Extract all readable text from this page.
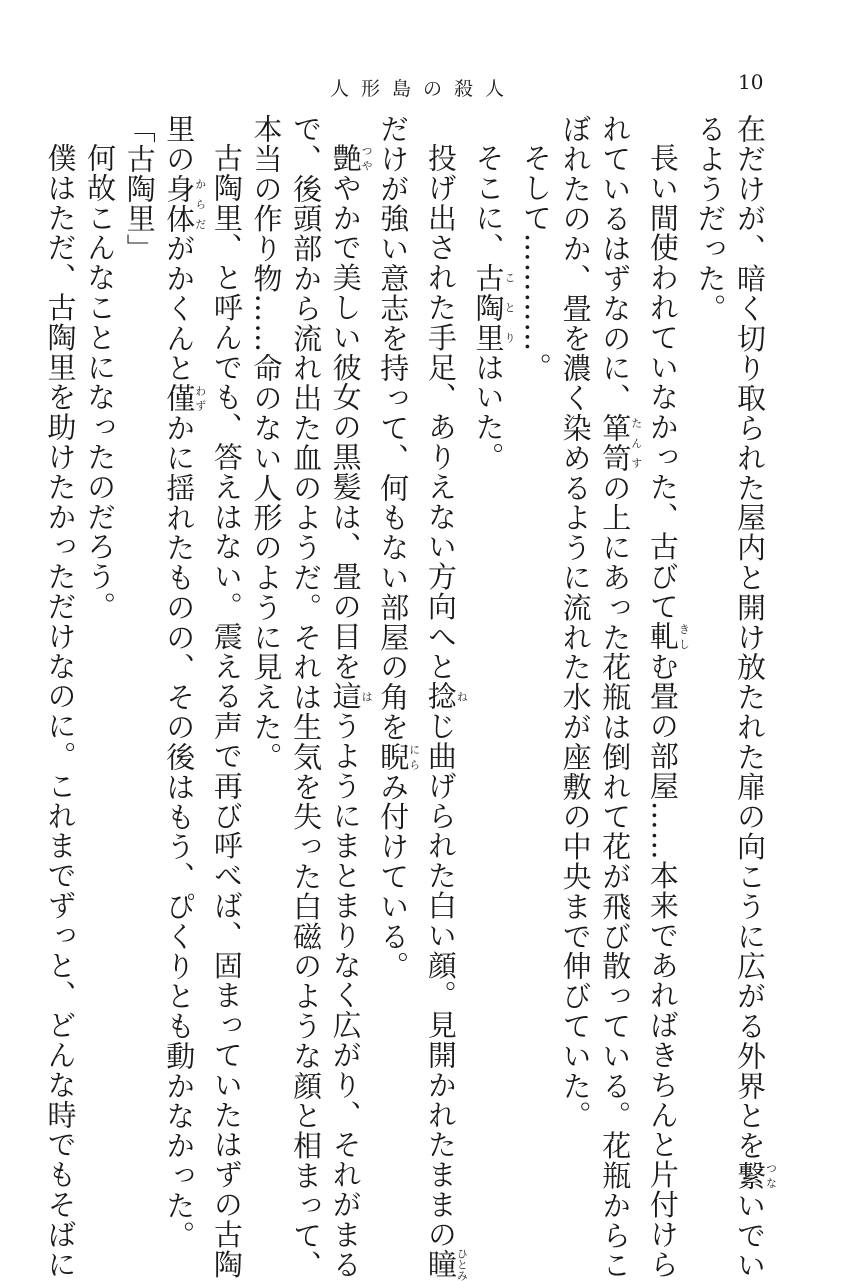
人形島の殺人	10
在だけが、暗く切り取られた屋内と開け放たれた扉の向こうに広がる外界とを繋つないでい
るようだった。
長い間使われていなかった、古びて軋きしむ畳の部屋……本来であればきちんと片付けら
れているはずなのに、箪笥たんすの上にあった花瓶は倒れて花が飛び散っている。花瓶からこ
ぼれたのか、畳を濃く染めるように流れた水が座敷の中央まで伸びていた。
そして…………。
そこに、古陶里ことりはいた。
投げ出された手足、ありえない方向へと捻ねじ曲げられた白い顔。見開かれたままの瞳ひとみ
だけが強い意志を持って、何もない部屋の角を睨にらみ付けている。
艶つややかで美しい彼女の黒髪は、畳の目を這はうようにまとまりなく広がり、それがまる
で、後頭部から流れ出た血のようだ。それは生気を失った白磁のような顔と相まって、
本当の作り物……命のない人形のように見えた。
古陶里、と呼んでも、答えはない。震える声で再び呼べば、固まっていたはずの古陶
里の身体からだがかくんと僅わずかに揺れたものの、その後はもう、ぴくりとも動かなかった。
「古陶里」
何故こんなことになったのだろう。
僕はただ、古陶里を助けたかっただけなのに。これまでずっと、どんな時でもそばに
